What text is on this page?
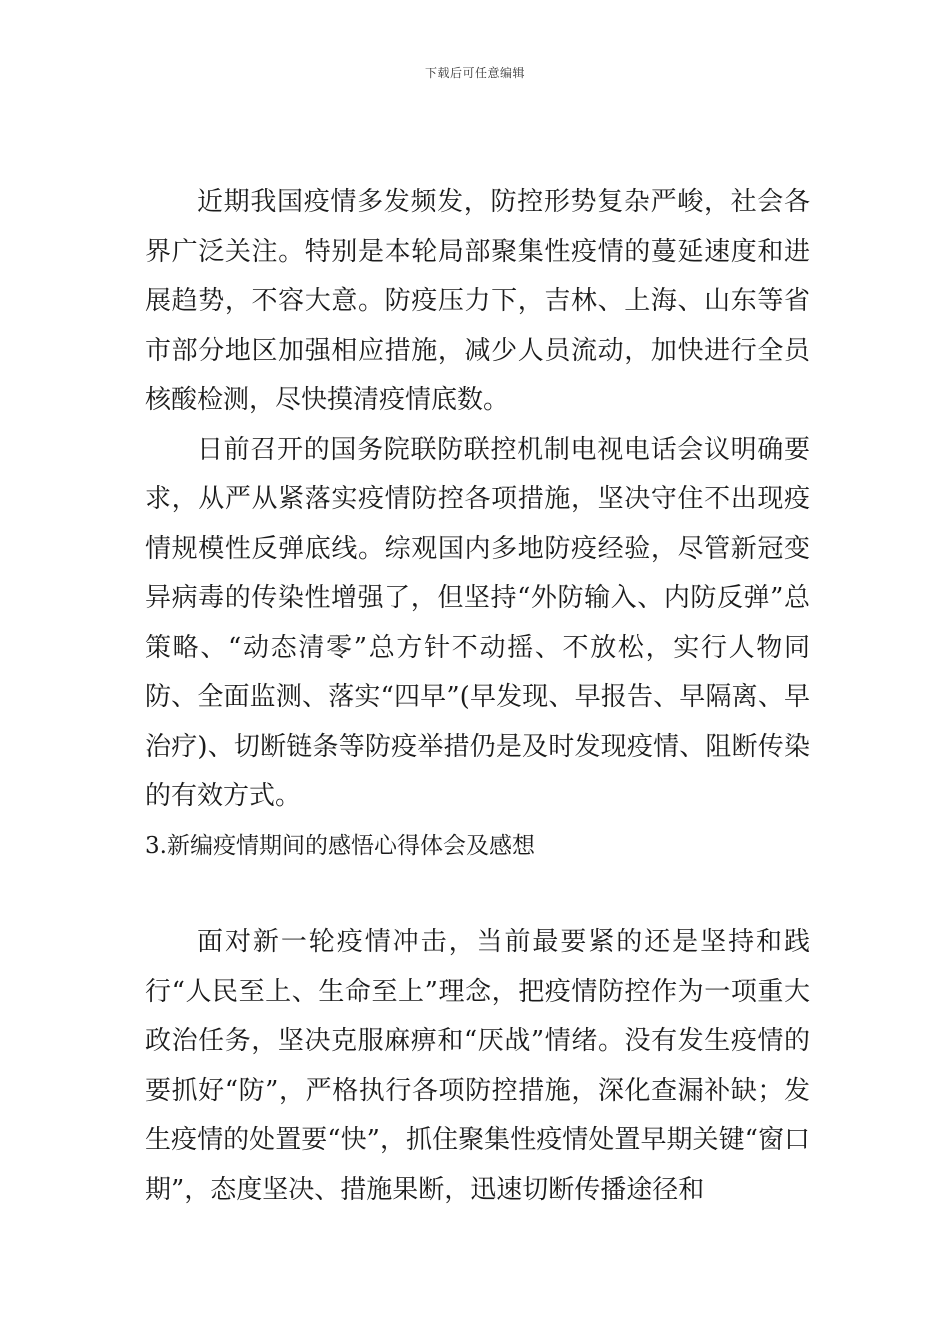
下载后可任意编辑

近期我国疫情多发频发，防控形势复杂严峻，社会各界广泛关注。特别是本轮局部聚集性疫情的蔓延速度和进展趋势，不容大意。防疫压力下，吉林、上海、山东等省市部分地区加强相应措施，减少人员流动，加快进行全员核酸检测，尽快摸清疫情底数。

日前召开的国务院联防联控机制电视电话会议明确要求，从严从紧落实疫情防控各项措施，坚决守住不出现疫情规模性反弹底线。综观国内多地防疫经验，尽管新冠变异病毒的传染性增强了，但坚持“外防输入、内防反弹”总策略、“动态清零”总方针不动摇、不放松，实行人物同防、全面监测、落实“四早”(早发现、早报告、早隔离、早治疗)、切断链条等防疫举措仍是及时发现疫情、阻断传染的有效方式。

3.新编疫情期间的感悟心得体会及感想

面对新一轮疫情冲击，当前最要紧的还是坚持和践行“人民至上、生命至上”理念，把疫情防控作为一项重大政治任务，坚决克服麻痹和“厌战”情绪。没有发生疫情的要抓好“防”，严格执行各项防控措施，深化查漏补缺；发生疫情的处置要“快”，抓住聚集性疫情处置早期关键“窗口期”，态度坚决、措施果断，迅速切断传播途径和
